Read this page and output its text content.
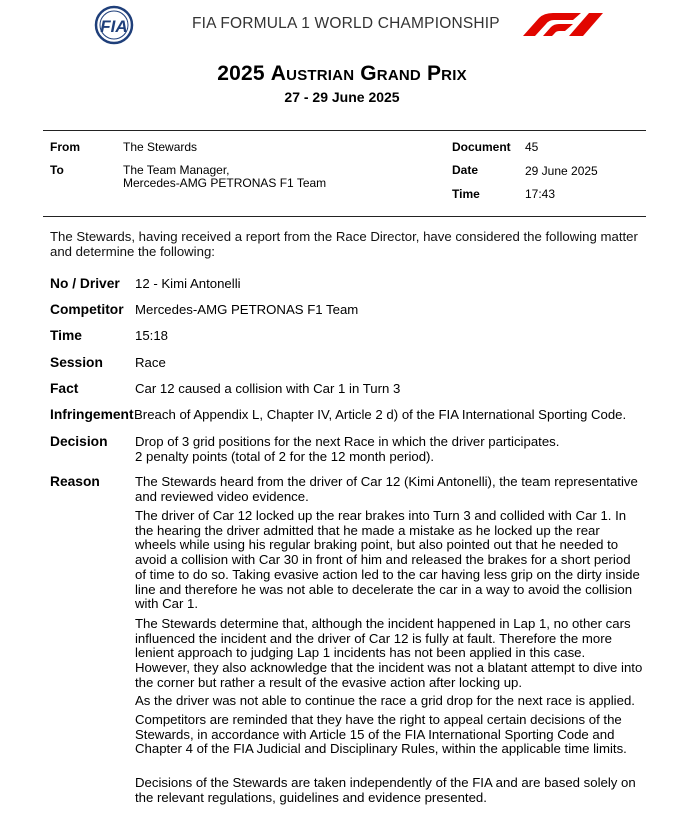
FIA	FIA FORMULA 1 WORLD CHAMPIONSHIP
2025 Austrian Grand Prix
27 - 29 June 2025
From	The Stewards
To	The Team Manager,
Mercedes-AMG PETRONAS F1 Team
Document 45
Date	29 June 2025
Time	17:43
The Stewards, having received a report from the Race Director, have considered the following matter and determine the following:
No / Driver 12 - Kimi Antonelli
Competitor Mercedes-AMG PETRONAS F1 Team
Time	15:18
Session Race
Fact	Car 12 caused a collision with Car 1 in Turn 3
Infringement Breach of Appendix L, Chapter IV, Article 2 d) of the FIA International Sporting Code.
Decision Drop of 3 grid positions for the next Race in which the driver participates.
2 penalty points (total of 2 for the 12 month period).
Reason	The Stewards heard from the driver of Car 12 (Kimi Antonelli), the team representative and reviewed video evidence.

The driver of Car 12 locked up the rear brakes into Turn 3 and collided with Car 1. In the hearing the driver admitted that he made a mistake as he locked up the rear wheels while using his regular braking point, but also pointed out that he needed to avoid a collision with Car 30 in front of him and released the brakes for a short period of time to do so. Taking evasive action led to the car having less grip on the dirty inside line and therefore he was not able to decelerate the car in a way to avoid the collision with Car 1.

The Stewards determine that, although the incident happened in Lap 1, no other cars influenced the incident and the driver of Car 12 is fully at fault. Therefore the more lenient approach to judging Lap 1 incidents has not been applied in this case. However, they also acknowledge that the incident was not a blatant attempt to dive into the corner but rather a result of the evasive action after locking up.

As the driver was not able to continue the race a grid drop for the next race is applied.

Competitors are reminded that they have the right to appeal certain decisions of the Stewards, in accordance with Article 15 of the FIA International Sporting Code and Chapter 4 of the FIA Judicial and Disciplinary Rules, within the applicable time limits.

Decisions of the Stewards are taken independently of the FIA and are based solely on the relevant regulations, guidelines and evidence presented.
